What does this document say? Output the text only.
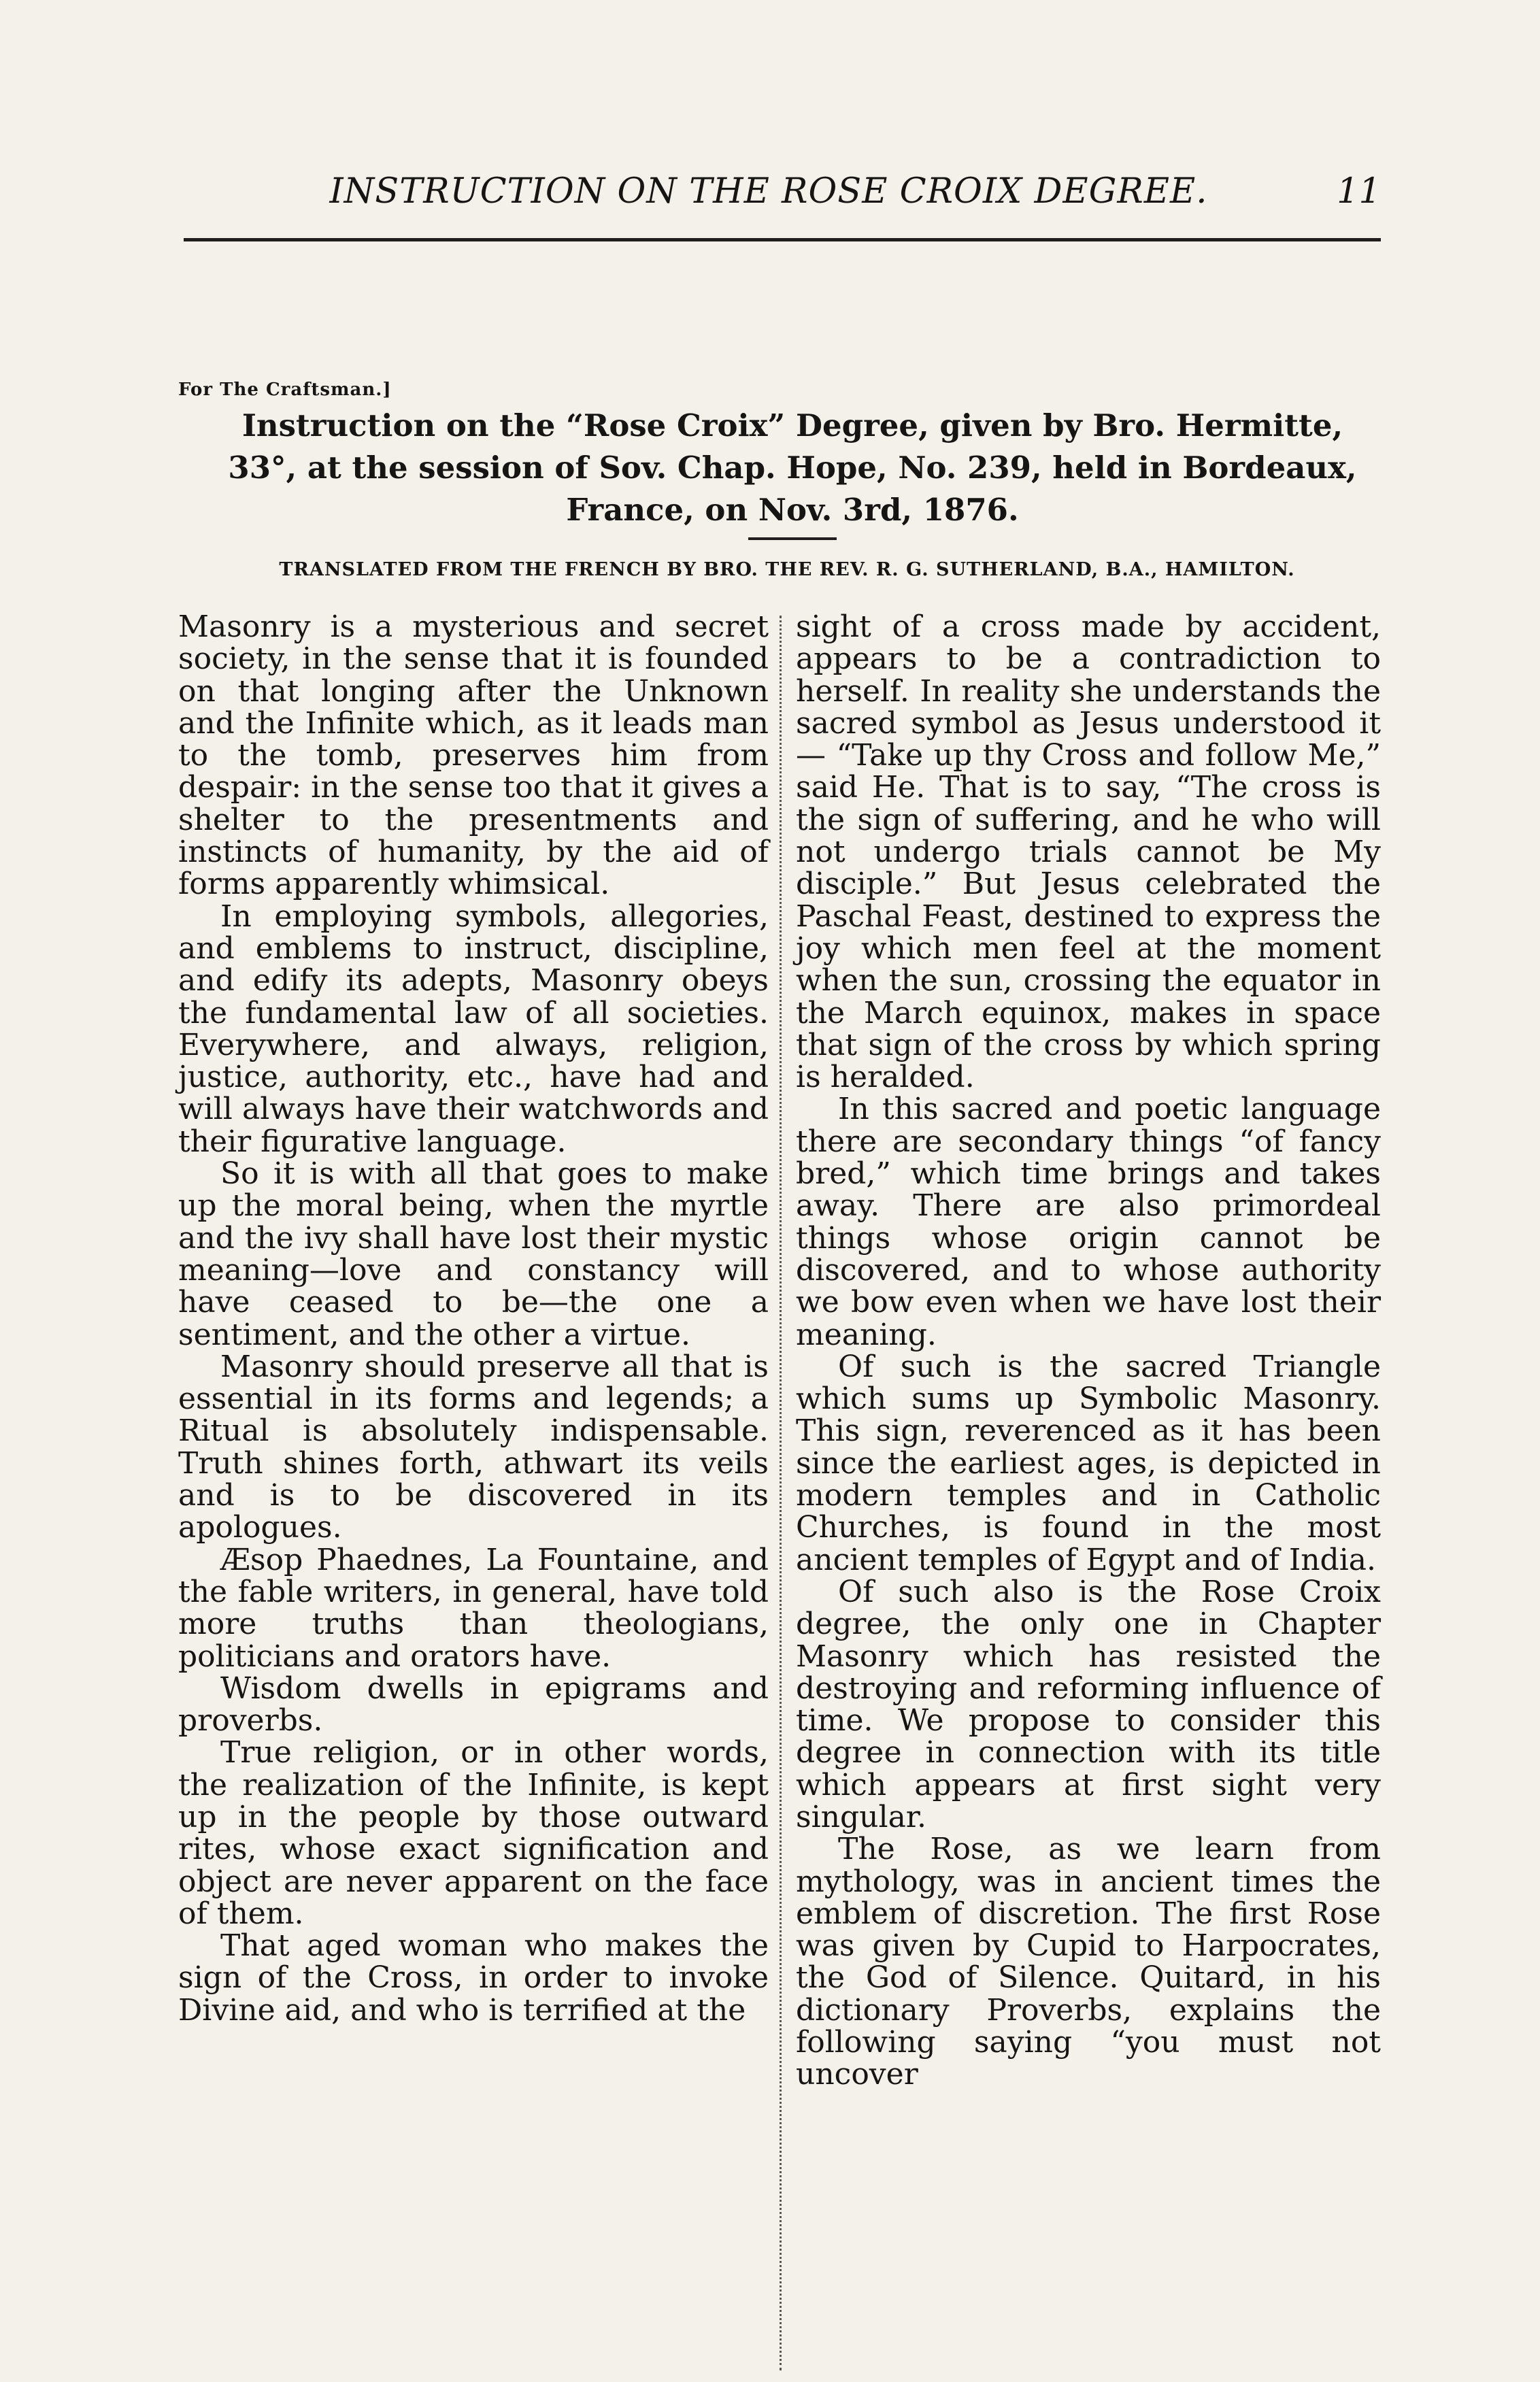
INSTRUCTION ON THE ROSE CROIX DEGREE.	11
For The Craftsman.]
Instruction on the “Rose Croix” Degree, given by Bro. Hermitte, 33°, at the session of Sov. Chap. Hope, No. 239, held in Bordeaux, France, on Nov. 3rd, 1876.
TRANSLATED FROM THE FRENCH BY BRO. THE REV. R. G. SUTHERLAND, B.A., HAMILTON.

Masonry is a mysterious and secret society, in the sense that it is founded on that longing after the Unknown and the Infinite which, as it leads man to the tomb, preserves him from despair: in the sense too that it gives a shelter to the presentments and instincts of humanity, by the aid of forms apparently whimsical.

In employing symbols, allegories, and emblems to instruct, discipline, and edify its adepts, Masonry obeys the fundamental law of all societies. Everywhere, and always, religion, justice, authority, etc., have had and will always have their watchwords and their figurative language.

So it is with all that goes to make up the moral being, when the myrtle and the ivy shall have lost their mystic meaning—love and constancy will have ceased to be—the one a sentiment, and the other a virtue.

Masonry should preserve all that is essential in its forms and legends; a Ritual is absolutely indispensable. Truth shines forth, athwart its veils and is to be discovered in its apologues.

Æsop Phaednes, La Fountaine, and the fable writers, in general, have told more truths than theologians, politicians and orators have.

Wisdom dwells in epigrams and proverbs.

True religion, or in other words, the realization of the Infinite, is kept up in the people by those outward rites, whose exact signification and object are never apparent on the face of them.

That aged woman who makes the sign of the Cross, in order to invoke Divine aid, and who is terrified at the

sight of a cross made by accident, appears to be a contradiction to herself. In reality she understands the sacred symbol as Jesus understood it— “Take up thy Cross and follow Me,” said He. That is to say, “The cross is the sign of suffering, and he who will not undergo trials cannot be My disciple.” But Jesus celebrated the Paschal Feast, destined to express the joy which men feel at the moment when the sun, crossing the equator in the March equinox, makes in space that sign of the cross by which spring is heralded.

In this sacred and poetic language there are secondary things “of fancy bred,” which time brings and takes away. There are also primordeal things whose origin cannot be discovered, and to whose authority we bow even when we have lost their meaning.

Of such is the sacred Triangle which sums up Symbolic Masonry. This sign, reverenced as it has been since the earliest ages, is depicted in modern temples and in Catholic Churches, is found in the most ancient temples of Egypt and of India.

Of such also is the Rose Croix degree, the only one in Chapter Masonry which has resisted the destroying and reforming influence of time. We propose to consider this degree in connection with its title which appears at first sight very singular.

The Rose, as we learn from mythology, was in ancient times the emblem of discretion. The first Rose was given by Cupid to Harpocrates, the God of Silence. Quitard, in his dictionary Proverbs, explains the following saying “you must not uncover
